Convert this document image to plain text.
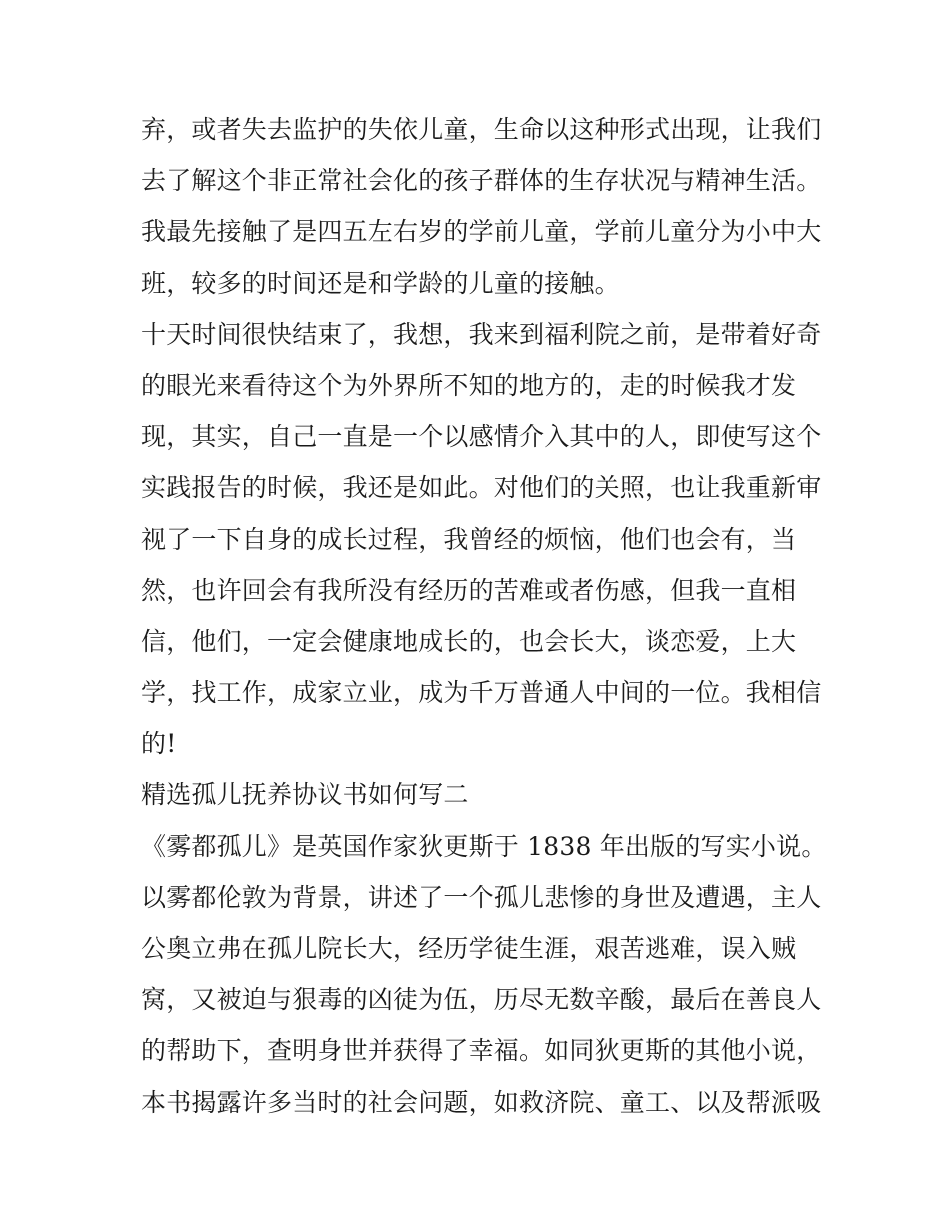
弃，或者失去监护的失依儿童，生命以这种形式出现，让我们
去了解这个非正常社会化的孩子群体的生存状况与精神生活。
我最先接触了是四五左右岁的学前儿童，学前儿童分为小中大
班，较多的时间还是和学龄的儿童的接触。
十天时间很快结束了，我想，我来到福利院之前，是带着好奇
的眼光来看待这个为外界所不知的地方的，走的时候我才发
现，其实，自己一直是一个以感情介入其中的人，即使写这个
实践报告的时候，我还是如此。对他们的关照，也让我重新审
视了一下自身的成长过程，我曾经的烦恼，他们也会有，当
然，也许回会有我所没有经历的苦难或者伤感，但我一直相
信，他们，一定会健康地成长的，也会长大，谈恋爱，上大
学，找工作，成家立业，成为千万普通人中间的一位。我相信
的!
精选孤儿抚养协议书如何写二
《雾都孤儿》是英国作家狄更斯于 1838 年出版的写实小说。
以雾都伦敦为背景，讲述了一个孤儿悲惨的身世及遭遇，主人
公奥立弗在孤儿院长大，经历学徒生涯，艰苦逃难，误入贼
窝，又被迫与狠毒的凶徒为伍，历尽无数辛酸，最后在善良人
的帮助下，查明身世并获得了幸福。如同狄更斯的其他小说，
本书揭露许多当时的社会问题，如救济院、童工、以及帮派吸
